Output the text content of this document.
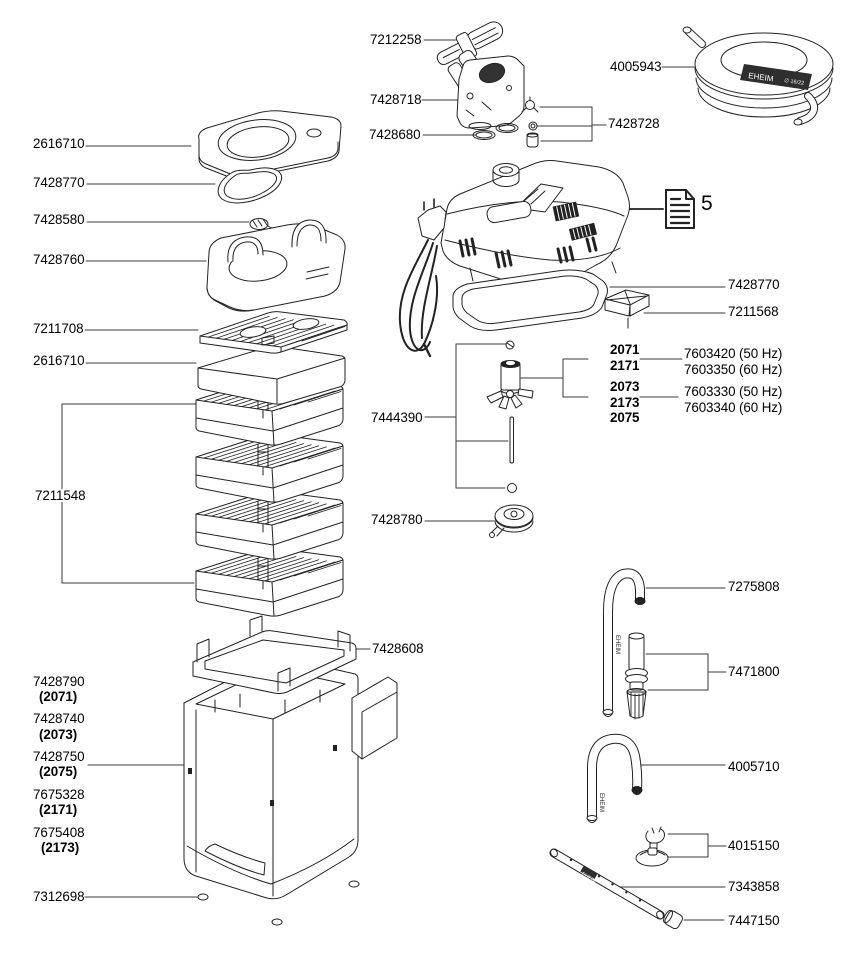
EHEIM ∅ 16/22
EHEIM
EHEIM
EHEIM
2616710
7428770
7428580
7428760
7211708
2616710
7211548
7428790
(2071)
7428740
(2073)
7428750
(2075)
7675328
(2171)
7675408
(2173)
7312698
7212258
7428718
7428680
7444390
7428780
7428608
4005943
7428728
5
7428770
7211568
2071
2171
7603420 (50 Hz)
7603350 (60 Hz)
2073
2173
2075
7603330 (50 Hz)
7603340 (60 Hz)
7275808
7471800
4005710
4015150
7343858
7447150
